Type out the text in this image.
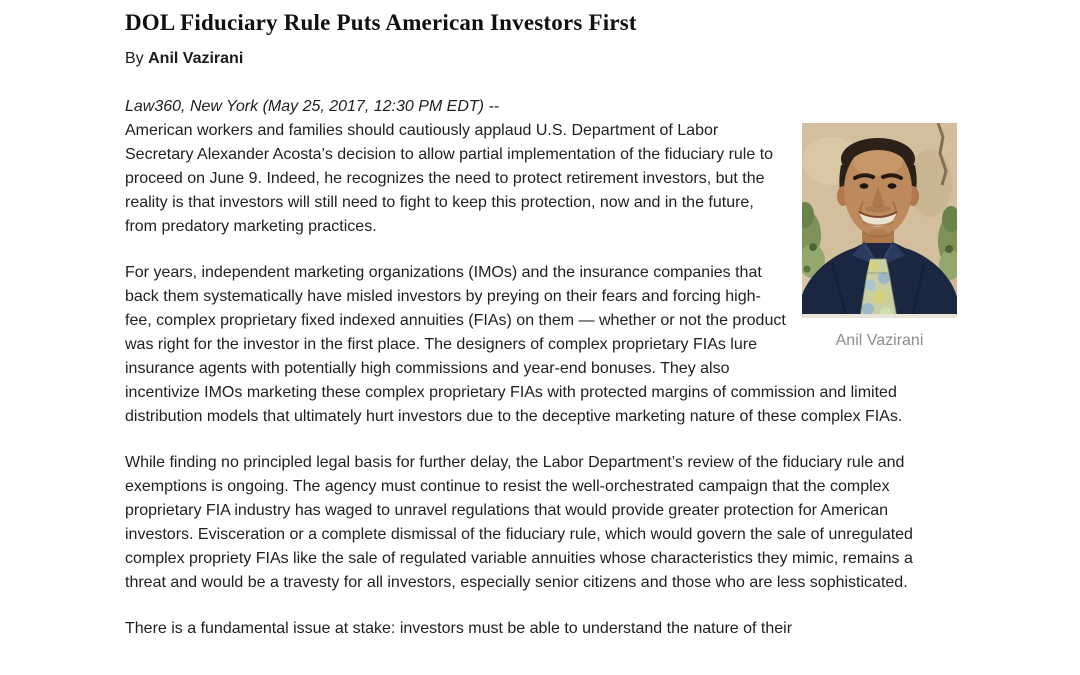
DOL Fiduciary Rule Puts American Investors First
By Anil Vazirani

Law360, New York (May 25, 2017, 12:30 PM EDT) --

Anil Vazirani

American workers and families should cautiously applaud U.S. Department of Labor Secretary Alexander Acosta’s decision to allow partial implementation of the fiduciary rule to proceed on June 9. Indeed, he recognizes the need to protect retirement investors, but the reality is that investors will still need to fight to keep this protection, now and in the future, from predatory marketing practices.

For years, independent marketing organizations (IMOs) and the insurance companies that back them systematically have misled investors by preying on their fears and forcing high-fee, complex proprietary fixed indexed annuities (FIAs) on them — whether or not the product was right for the investor in the first place. The designers of complex proprietary FIAs lure insurance agents with potentially high commissions and year-end bonuses. They also incentivize IMOs marketing these complex proprietary FIAs with protected margins of commission and limited distribution models that ultimately hurt investors due to the deceptive marketing nature of these complex FIAs.

While finding no principled legal basis for further delay, the Labor Department’s review of the fiduciary rule and exemptions is ongoing. The agency must continue to resist the well-orchestrated campaign that the complex proprietary FIA industry has waged to unravel regulations that would provide greater protection for American investors. Evisceration or a complete dismissal of the fiduciary rule, which would govern the sale of unregulated complex propriety FIAs like the sale of regulated variable annuities whose characteristics they mimic, remains a threat and would be a travesty for all investors, especially senior citizens and those who are less sophisticated.

There is a fundamental issue at stake: investors must be able to understand the nature of their
